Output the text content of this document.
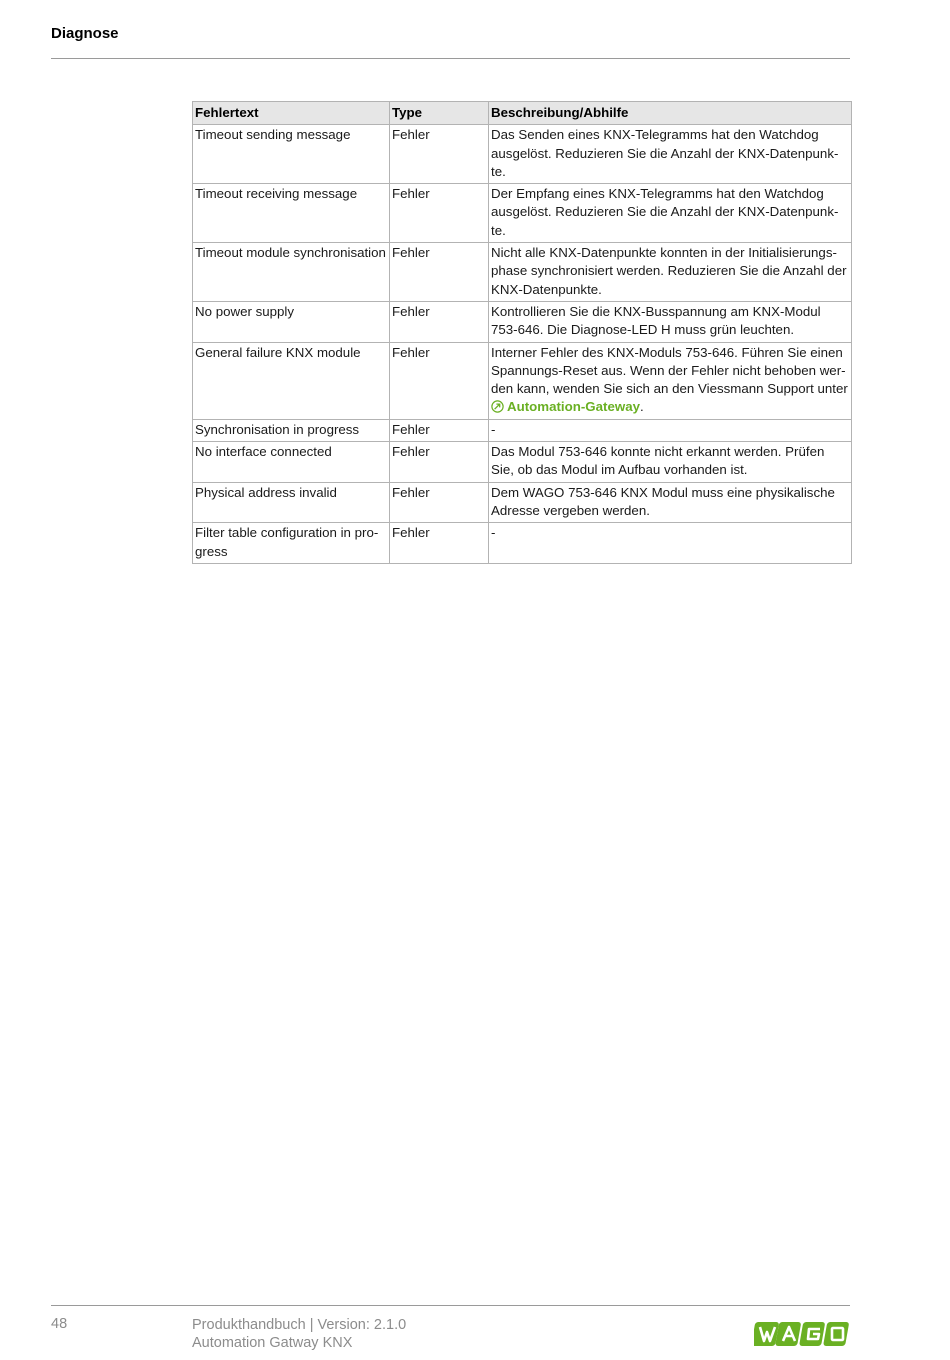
Diagnose
Fehlertext	Type	Beschreibung/Abhilfe
Timeout sending message	Fehler	Das Senden eines KNX-Telegramms hat den Watchdog ausgelöst. Reduzieren Sie die Anzahl der KNX-Datenpunk-te.
Timeout receiving message	Fehler	Der Empfang eines KNX-Telegramms hat den Watchdog ausgelöst. Reduzieren Sie die Anzahl der KNX-Datenpunk-te.
Timeout module synchronisation	Fehler	Nicht alle KNX-Datenpunkte konnten in der Initialisierungs-phase synchronisiert werden. Reduzieren Sie die Anzahl der KNX-Datenpunkte.
No power supply	Fehler	Kontrollieren Sie die KNX-Busspannung am KNX-Modul 753-646. Die Diagnose-LED H muss grün leuchten.
General failure KNX module	Fehler	Interner Fehler des KNX-Moduls 753-646. Führen Sie einen Spannungs-Reset aus. Wenn der Fehler nicht behoben wer-den kann, wenden Sie sich an den Viessmann Support unter
Automation-Gateway.
Synchronisation in progress	Fehler	-
No interface connected	Fehler	Das Modul 753-646 konnte nicht erkannt werden. Prüfen Sie, ob das Modul im Aufbau vorhanden ist.
Physical address invalid	Fehler	Dem WAGO 753-646 KNX Modul muss eine physikalische Adresse vergeben werden.
Filter table configuration in pro-gress	Fehler	-
48	Produkthandbuch | Version: 2.1.0
Automation Gatway KNX
